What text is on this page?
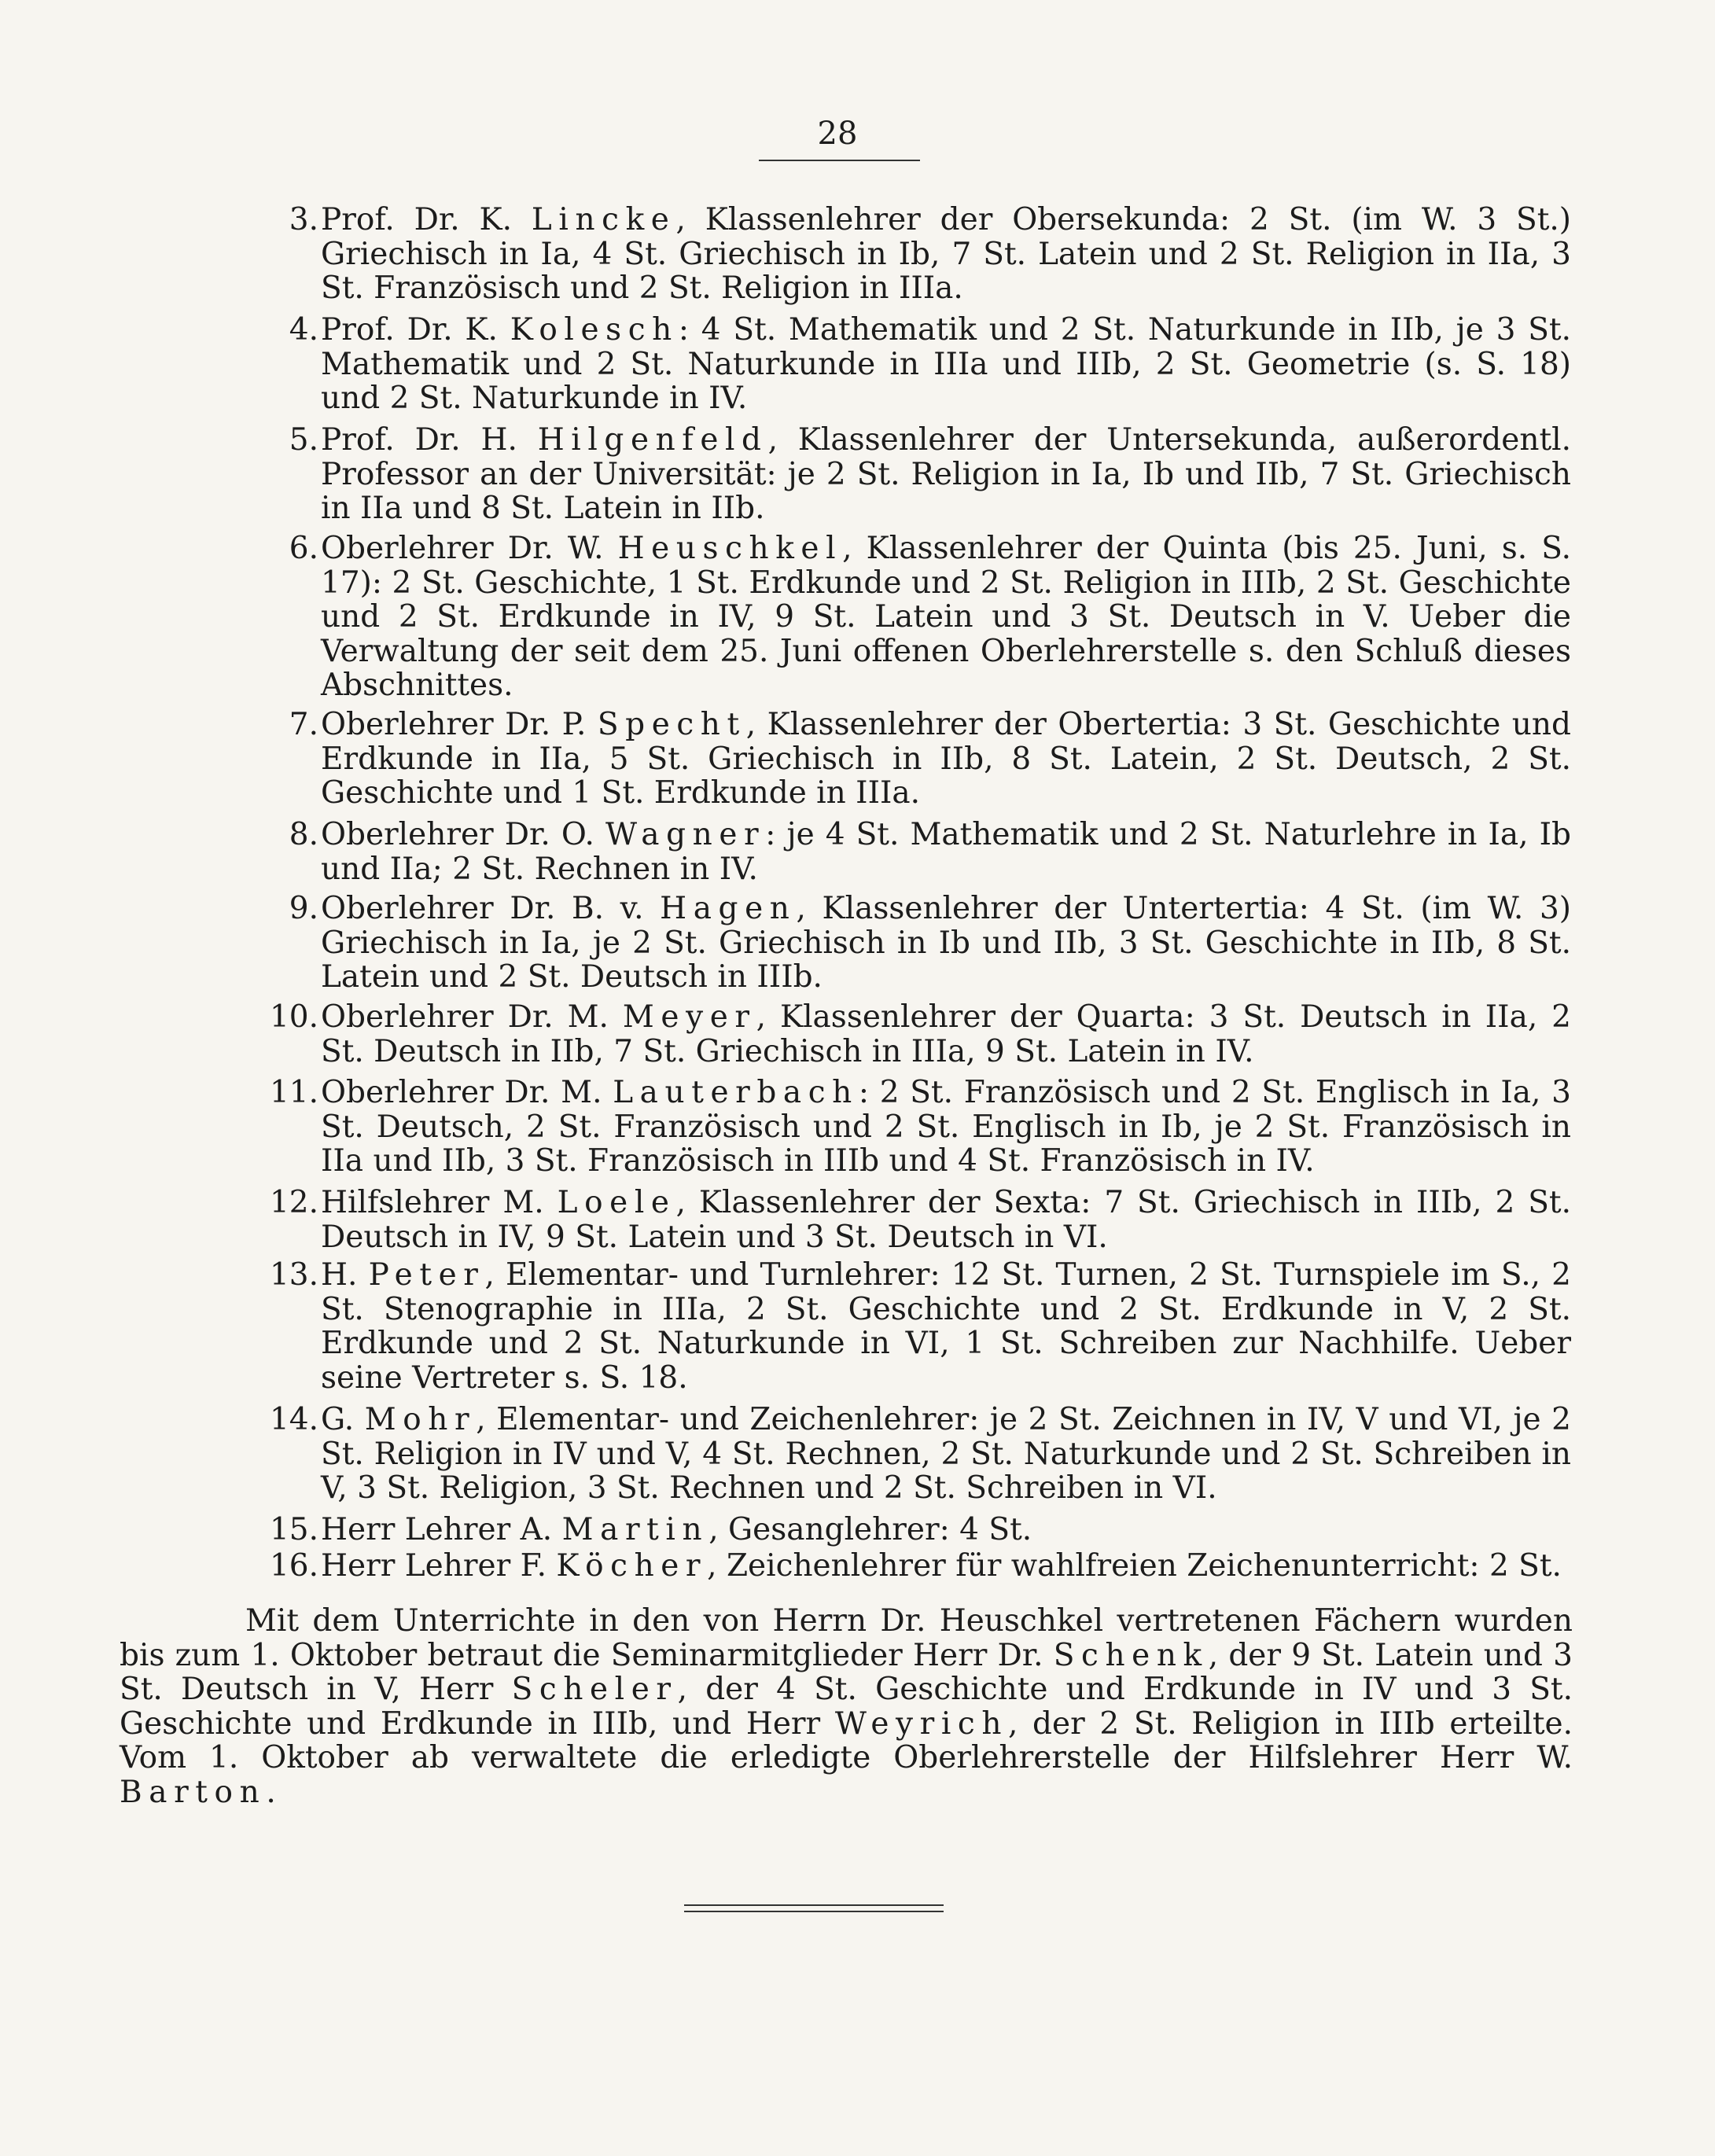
28
3. Prof. Dr. K. Lincke, Klassenlehrer der Obersekunda: 2 St. (im W. 3 St.) Griechisch in Ia, 4 St. Griechisch in Ib, 7 St. Latein und 2 St. Religion in IIa, 3 St. Französisch und 2 St. Religion in IIIa.
4. Prof. Dr. K. Kolesch: 4 St. Mathematik und 2 St. Naturkunde in IIb, je 3 St. Mathematik und 2 St. Naturkunde in IIIa und IIIb, 2 St. Geometrie (s. S. 18) und 2 St. Naturkunde in IV.
5. Prof. Dr. H. Hilgenfeld, Klassenlehrer der Untersekunda, außerordentl. Professor an der Universität: je 2 St. Religion in Ia, Ib und IIb, 7 St. Griechisch in IIa und 8 St. Latein in IIb.
6. Oberlehrer Dr. W. Heuschkel, Klassenlehrer der Quinta (bis 25. Juni, s. S. 17): 2 St. Geschichte, 1 St. Erdkunde und 2 St. Religion in IIIb, 2 St. Geschichte und 2 St. Erdkunde in IV, 9 St. Latein und 3 St. Deutsch in V. Ueber die Verwaltung der seit dem 25. Juni offenen Oberlehrerstelle s. den Schluß dieses Abschnittes.
7. Oberlehrer Dr. P. Specht, Klassenlehrer der Obertertia: 3 St. Geschichte und Erdkunde in IIa, 5 St. Griechisch in IIb, 8 St. Latein, 2 St. Deutsch, 2 St. Geschichte und 1 St. Erdkunde in IIIa.
8. Oberlehrer Dr. O. Wagner: je 4 St. Mathematik und 2 St. Naturlehre in Ia, Ib und IIa; 2 St. Rechnen in IV.
9. Oberlehrer Dr. B. v. Hagen, Klassenlehrer der Untertertia: 4 St. (im W. 3) Griechisch in Ia, je 2 St. Griechisch in Ib und IIb, 3 St. Geschichte in IIb, 8 St. Latein und 2 St. Deutsch in IIIb.
10. Oberlehrer Dr. M. Meyer, Klassenlehrer der Quarta: 3 St. Deutsch in IIa, 2 St. Deutsch in IIb, 7 St. Griechisch in IIIa, 9 St. Latein in IV.
11. Oberlehrer Dr. M. Lauterbach: 2 St. Französisch und 2 St. Englisch in Ia, 3 St. Deutsch, 2 St. Französisch und 2 St. Englisch in Ib, je 2 St. Französisch in IIa und IIb, 3 St. Französisch in IIIb und 4 St. Französisch in IV.
12. Hilfslehrer M. Loele, Klassenlehrer der Sexta: 7 St. Griechisch in IIIb, 2 St. Deutsch in IV, 9 St. Latein und 3 St. Deutsch in VI.
13. H. Peter, Elementar- und Turnlehrer: 12 St. Turnen, 2 St. Turnspiele im S., 2 St. Stenographie in IIIa, 2 St. Geschichte und 2 St. Erdkunde in V, 2 St. Erdkunde und 2 St. Naturkunde in VI, 1 St. Schreiben zur Nachhilfe. Ueber seine Vertreter s. S. 18.
14. G. Mohr, Elementar- und Zeichenlehrer: je 2 St. Zeichnen in IV, V und VI, je 2 St. Religion in IV und V, 4 St. Rechnen, 2 St. Naturkunde und 2 St. Schreiben in V, 3 St. Religion, 3 St. Rechnen und 2 St. Schreiben in VI.
15. Herr Lehrer A. Martin, Gesanglehrer: 4 St.
16. Herr Lehrer F. Köcher, Zeichenlehrer für wahlfreien Zeichenunterricht: 2 St.
Mit dem Unterrichte in den von Herrn Dr. Heuschkel vertretenen Fächern wurden bis zum 1. Oktober betraut die Seminarmitglieder Herr Dr. Schenk, der 9 St. Latein und 3 St. Deutsch in V, Herr Scheler, der 4 St. Geschichte und Erdkunde in IV und 3 St. Geschichte und Erdkunde in IIIb, und Herr Weyrich, der 2 St. Religion in IIIb erteilte. Vom 1. Oktober ab verwaltete die erledigte Oberlehrerstelle der Hilfslehrer Herr W. Barton.
